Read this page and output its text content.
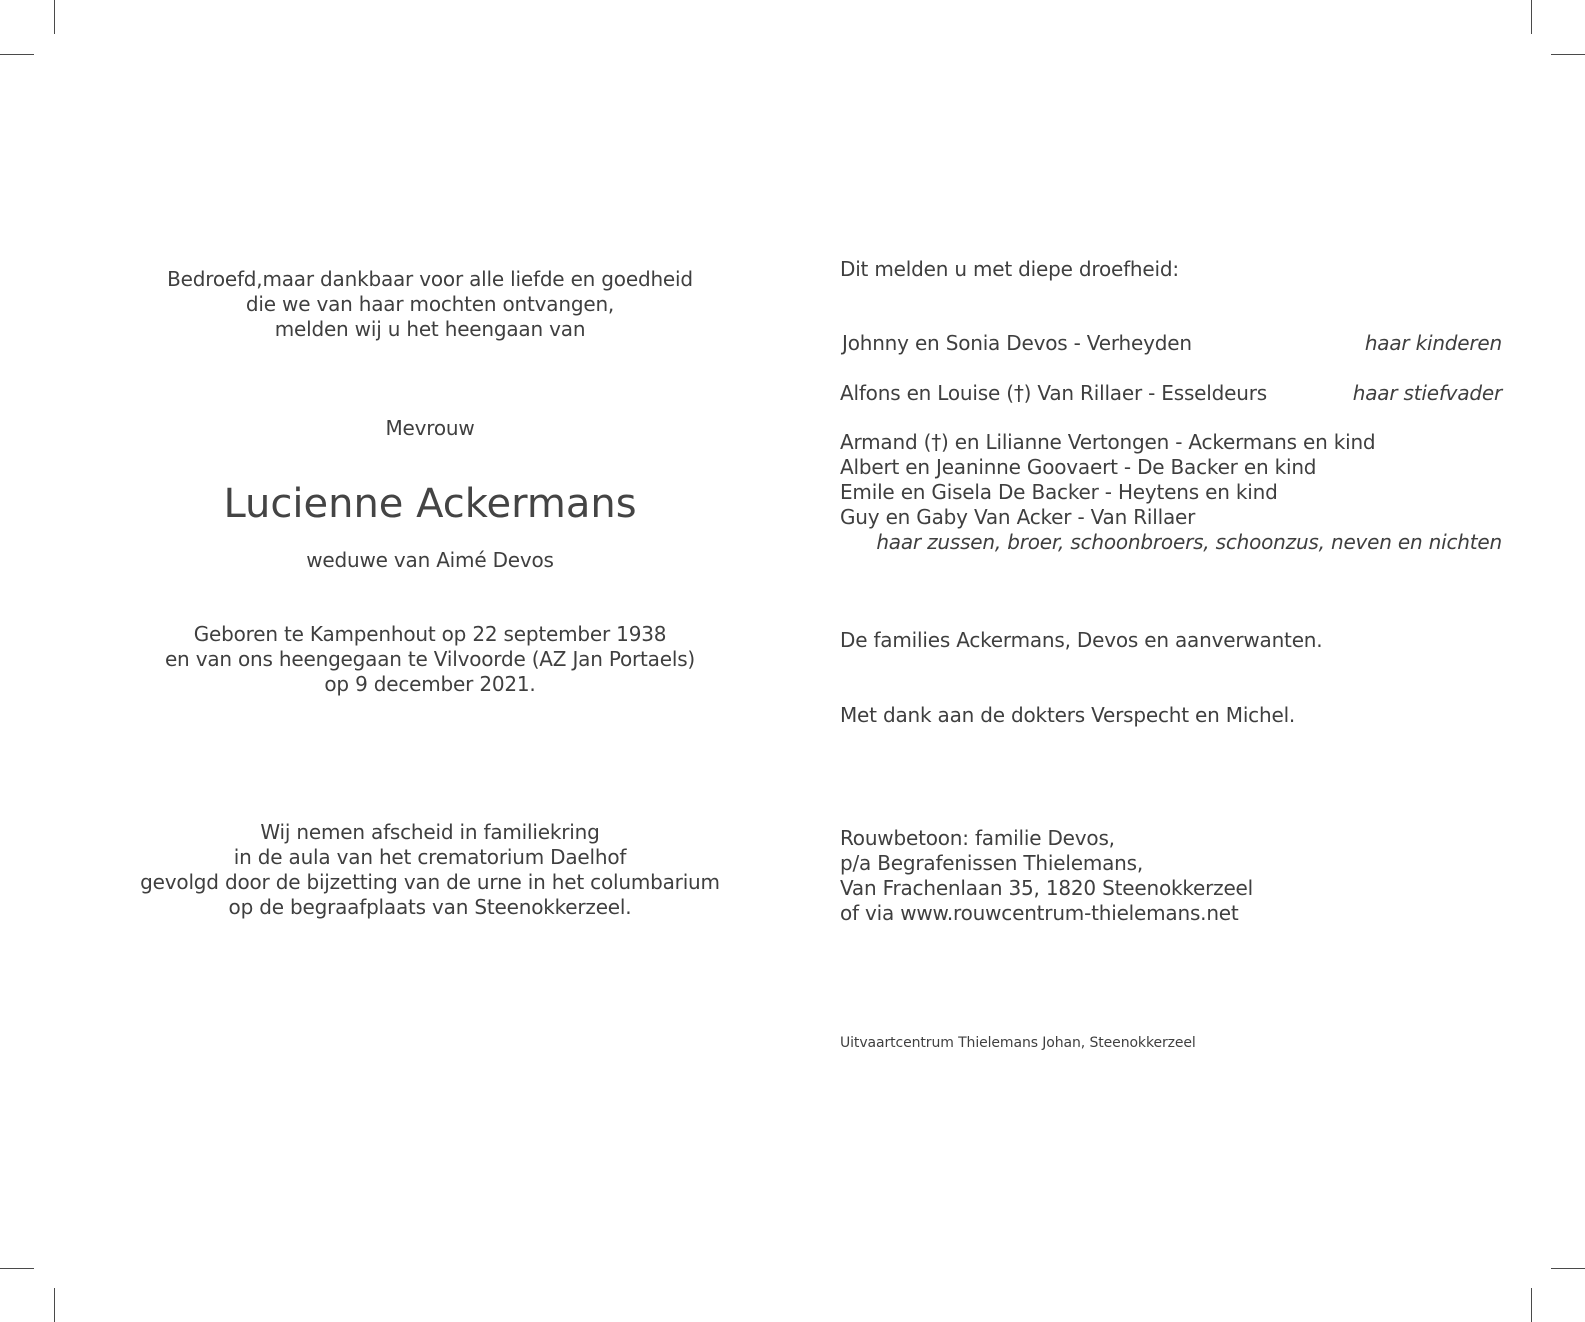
Bedroefd,maar dankbaar voor alle liefde en goedheid
die we van haar mochten ontvangen,
melden wij u het heengaan van
Mevrouw
Lucienne Ackermans
weduwe van Aimé Devos
Geboren te Kampenhout op 22 september 1938
en van ons heengegaan te Vilvoorde (AZ Jan Portaels)
op 9 december 2021.
Wij nemen afscheid in familiekring
in de aula van het crematorium Daelhof
gevolgd door de bijzetting van de urne in het columbarium
op de begraafplaats van Steenokkerzeel.
Dit melden u met diepe droefheid:
Johnny en Sonia Devos - Verheyden	haar kinderen
Alfons en Louise (†) Van Rillaer - Esseldeurs	haar stiefvader
Armand (†) en Lilianne Vertongen - Ackermans en kind
Albert en Jeaninne Goovaert - De Backer en kind
Emile en Gisela De Backer - Heytens en kind
Guy en Gaby Van Acker - Van Rillaer
haar zussen, broer, schoonbroers, schoonzus, neven en nichten
De families Ackermans, Devos en aanverwanten.
Met dank aan de dokters Verspecht en Michel.
Rouwbetoon: familie Devos,
p/a Begrafenissen Thielemans,
Van Frachenlaan 35, 1820 Steenokkerzeel
of via www.rouwcentrum-thielemans.net
Uitvaartcentrum Thielemans Johan, Steenokkerzeel
